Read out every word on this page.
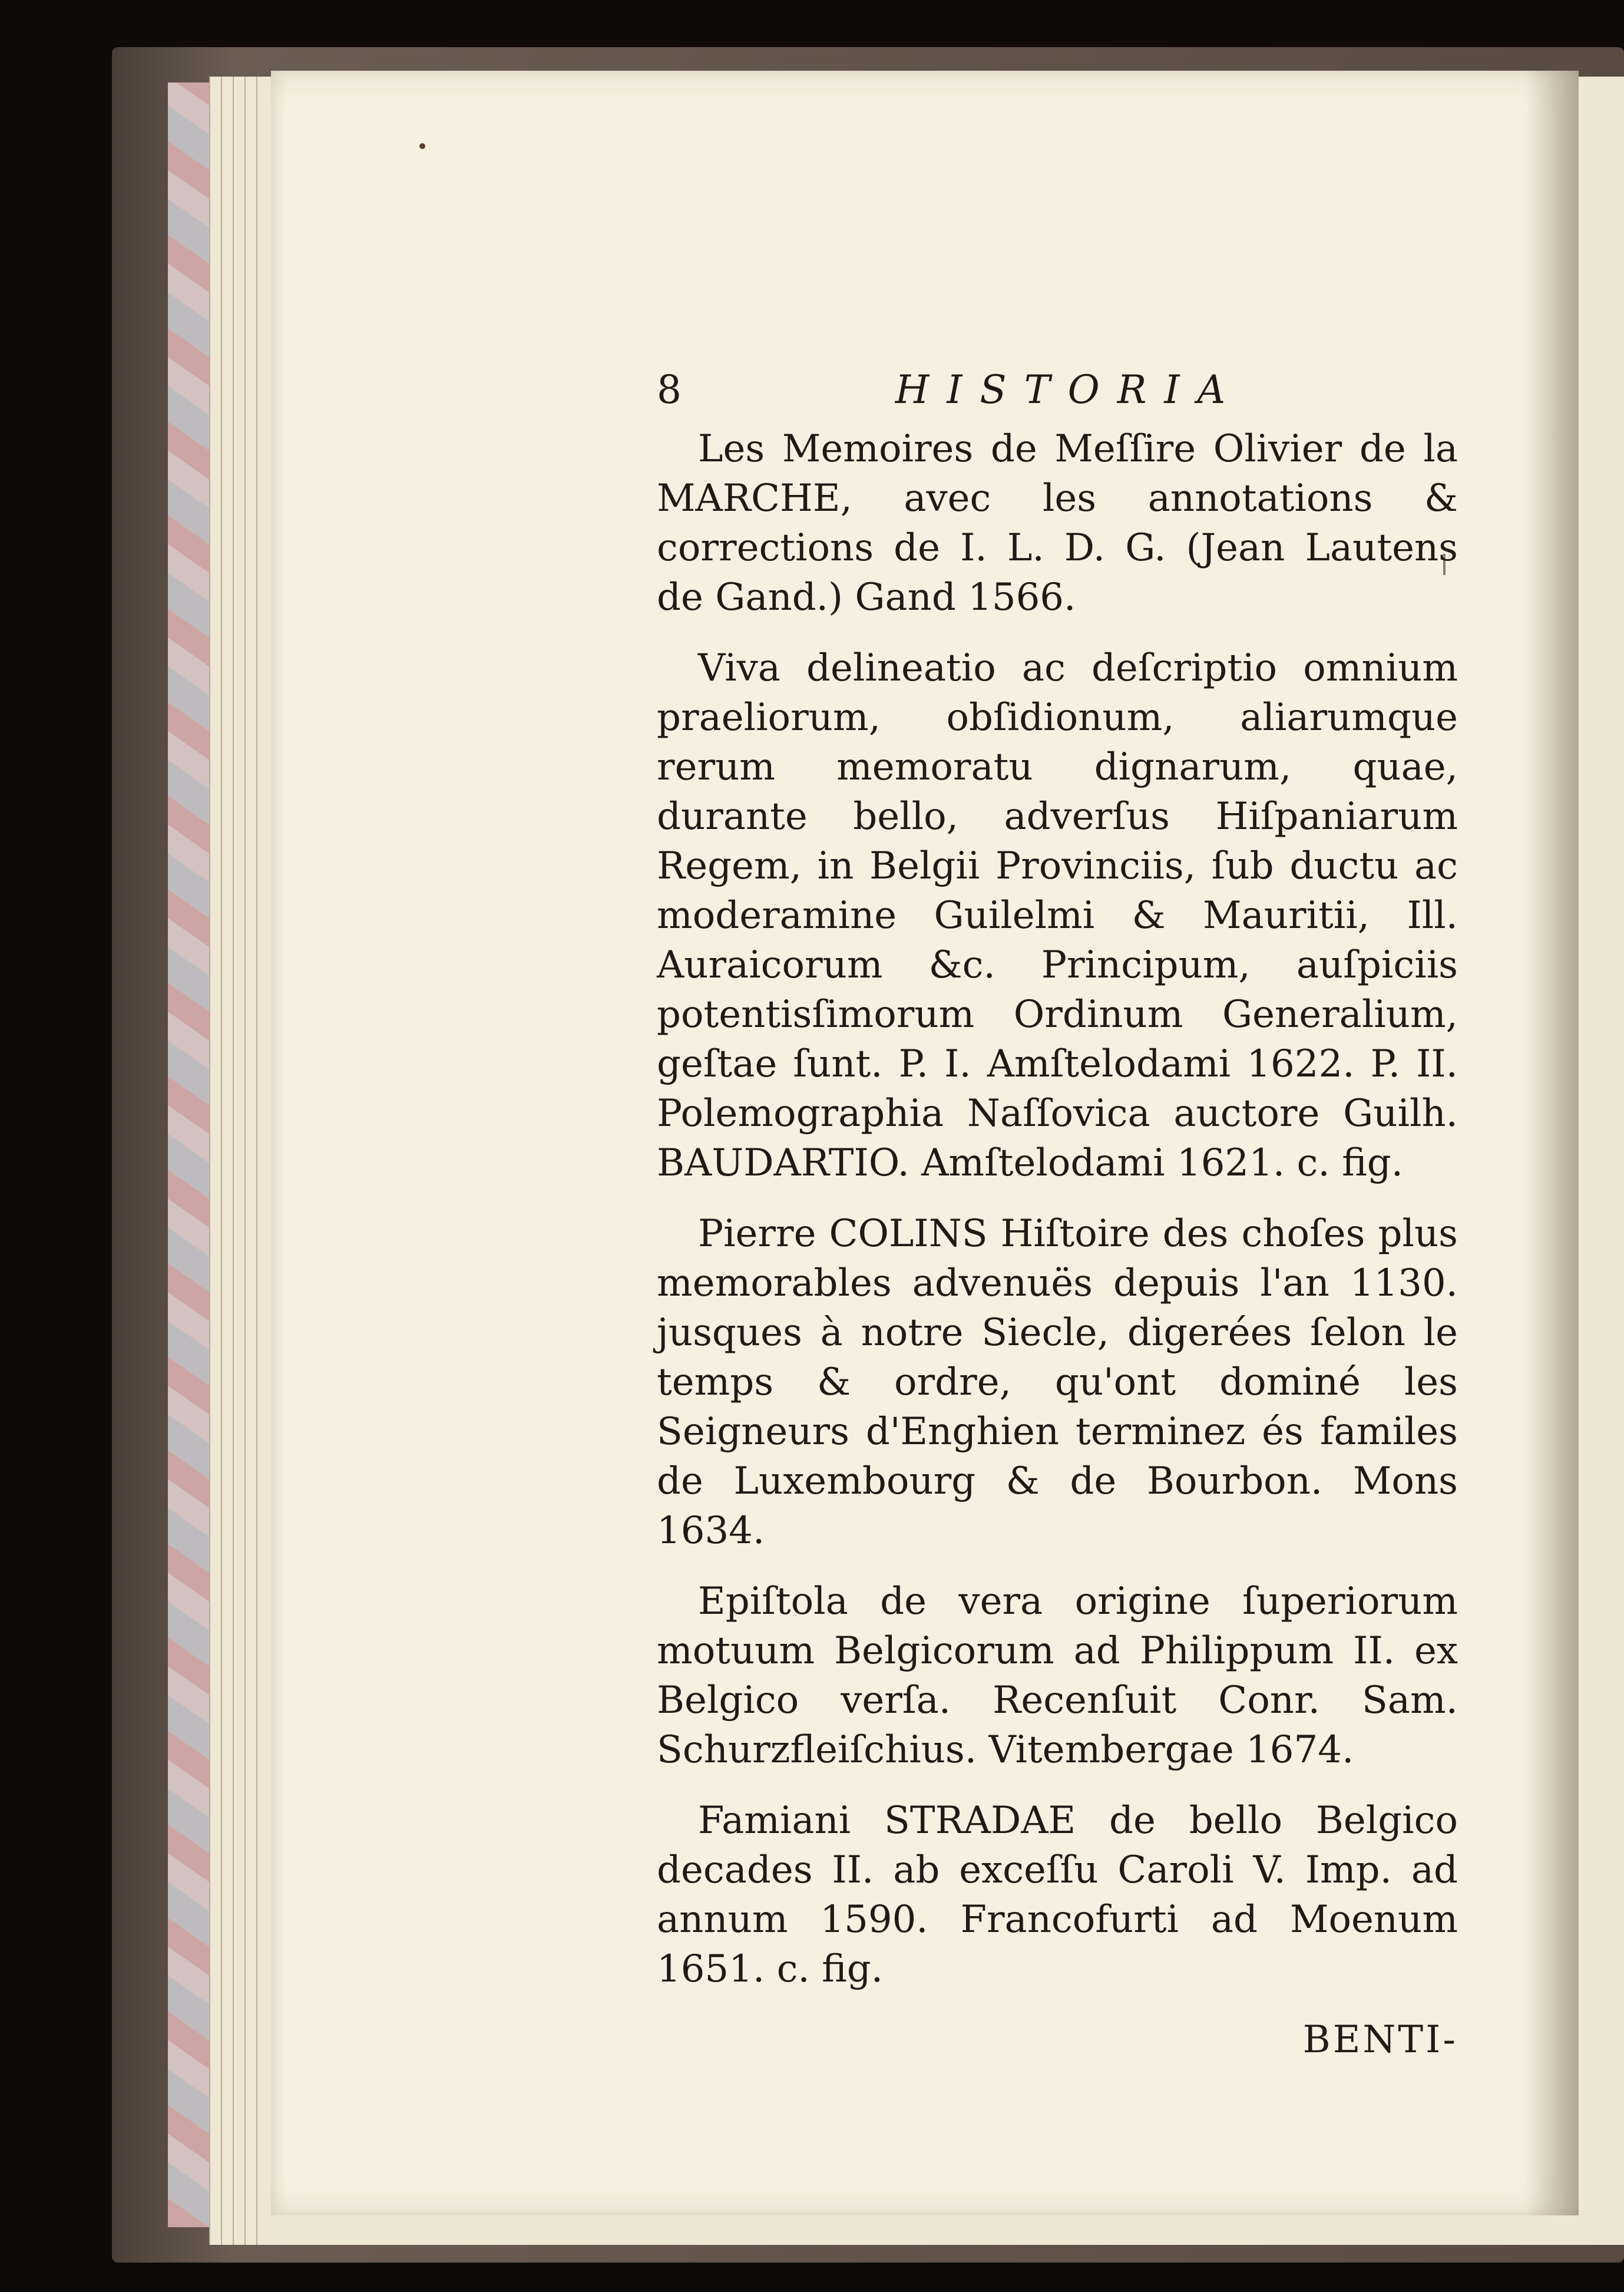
8	HISTORIA

Les Memoires de Meſſire Olivier de la MARCHE, avec les annotations & corrections de I. L. D. G. (Jean Lautens de Gand.) Gand 1566.

Viva delineatio ac deſcriptio omnium praeliorum, obſidionum, aliarumque rerum memoratu dignarum, quae, durante bello, adverſus Hiſpaniarum Regem, in Belgii Provinciis, ſub ductu ac moderamine Guilelmi & Mauritii, Ill. Auraicorum &c. Principum, auſpiciis potentisſimorum Ordinum Generalium, geſtae ſunt. P. I. Amſtelodami 1622. P. II. Polemographia Naſſovica auctore Guilh. BAUDARTIO. Amſtelodami 1621. c. fig.

Pierre COLINS Hiſtoire des choſes plus memorables advenuës depuis l'an 1130. jusques à notre Siecle, digerées ſelon le temps & ordre, qu'ont dominé les Seigneurs d'Enghien terminez és familes de Luxembourg & de Bourbon. Mons 1634.

Epiſtola de vera origine ſuperiorum motuum Belgicorum ad Philippum II. ex Belgico verſa. Recenſuit Conr. Sam. Schurzfleiſchius. Vitembergae 1674.

Famiani STRADAE de bello Belgico decades II. ab exceſſu Caroli V. Imp. ad annum 1590. Francofurti ad Moenum 1651. c. fig.

BENTI-
